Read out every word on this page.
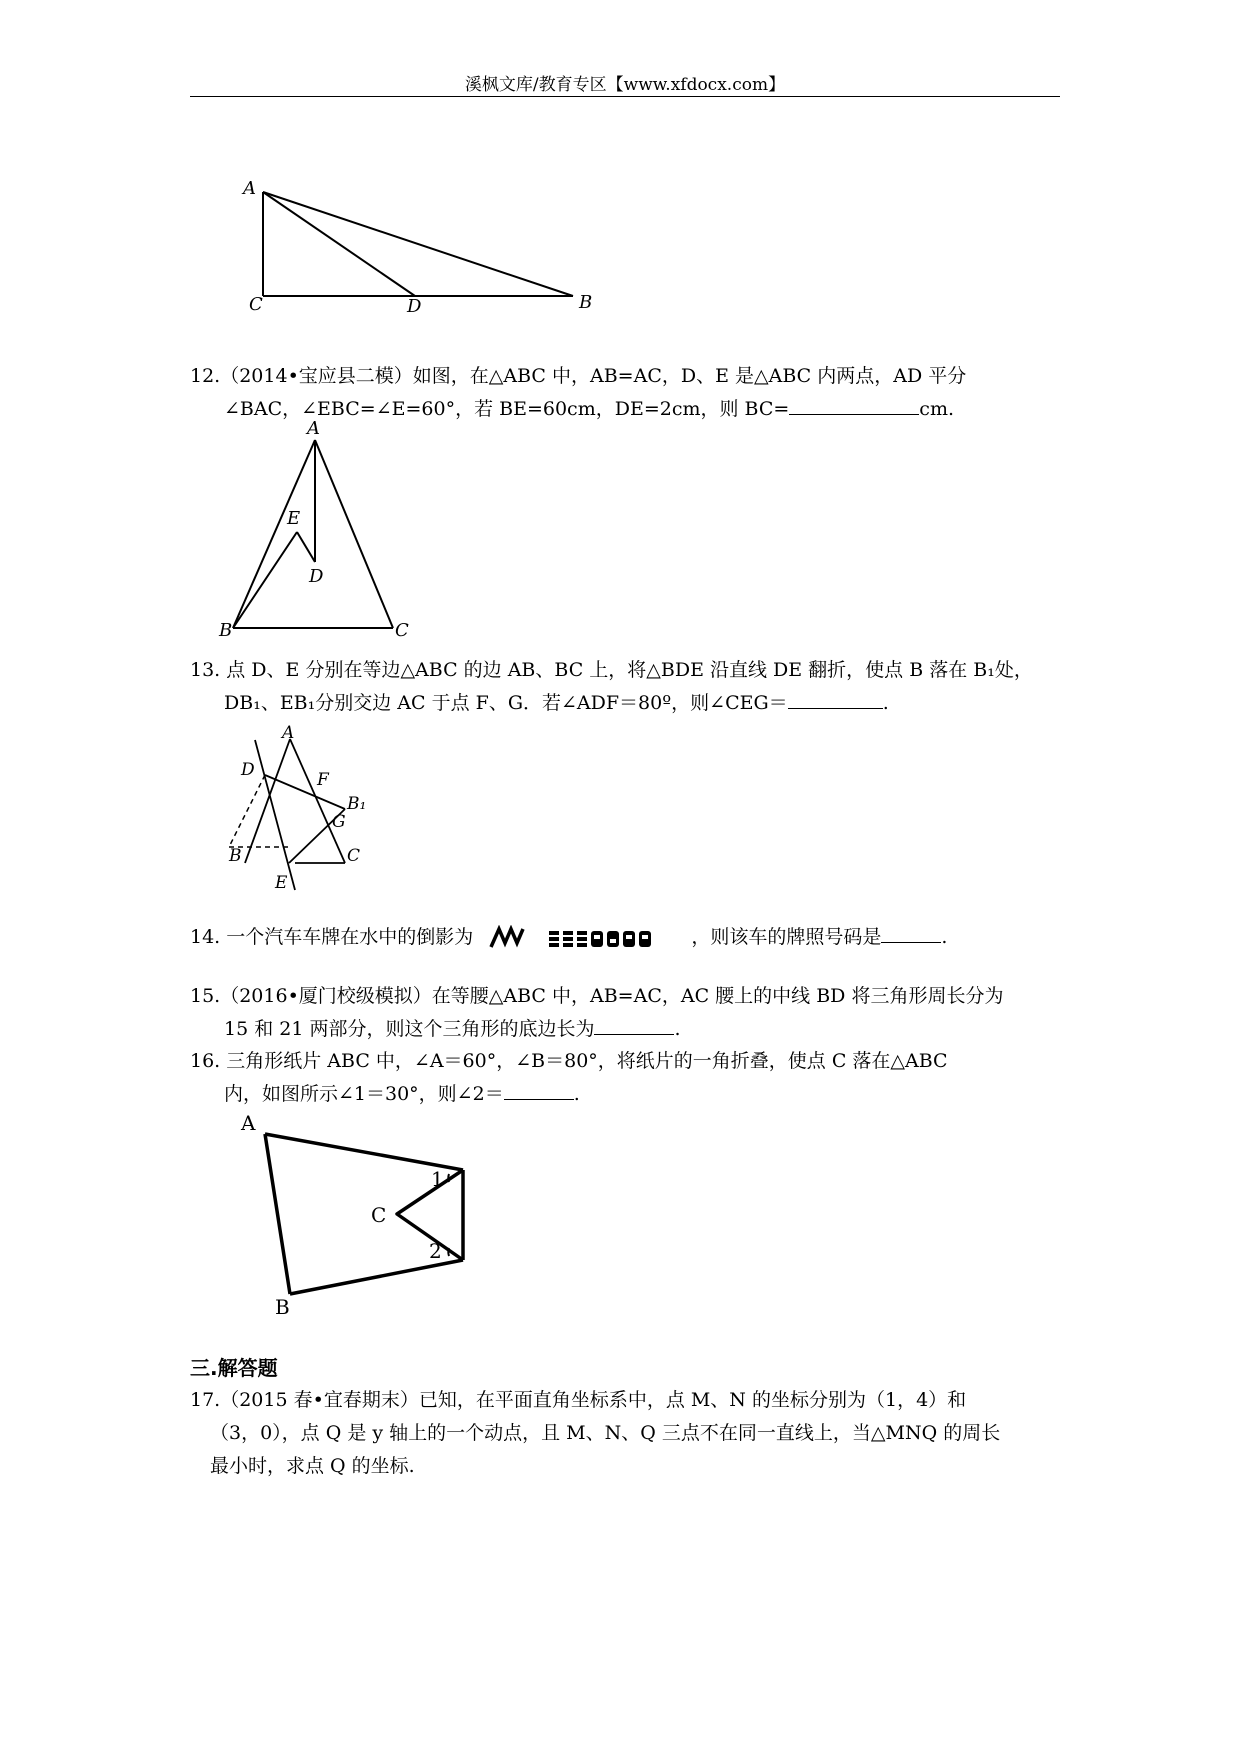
溪枫文库/教育专区【www.xfdocx.com】
A
C	D	B
12.（2014•宝应县二模）如图，在△ABC 中，AB=AC，D、E 是△ABC 内两点，AD 平分
∠BAC，∠EBC=∠E=60°，若 BE=60cm，DE=2cm，则 BC=	cm.
A
E
D
B	C
13. 点 D、E 分别在等边△ABC 的边 AB、BC 上，将△BDE 沿直线 DE 翻折，使点 B 落在 B₁处，
DB₁、EB₁分别交边 AC 于点 F、G．若∠ADF＝80º，则∠CEG＝	.
A
D	F
B₁
G
B	C
E
14. 一个汽车车牌在水中的倒影为	，则该车的牌照号码是	.
15.（2016•厦门校级模拟）在等腰△ABC 中，AB=AC，AC 腰上的中线 BD 将三角形周长分为
15 和 21 两部分，则这个三角形的底边长为	.
16. 三角形纸片 ABC 中，∠A＝60°，∠B＝80°，将纸片的一角折叠，使点 C 落在△ABC
内，如图所示∠1＝30°，则∠2＝	.
A
B
C
1
2
三.解答题
17.（2015 春•宜春期末）已知，在平面直角坐标系中，点 M、N 的坐标分别为（1，4）和
（3，0），点 Q 是 y 轴上的一个动点，且 M、N、Q 三点不在同一直线上，当△MNQ 的周长
最小时，求点 Q 的坐标.
